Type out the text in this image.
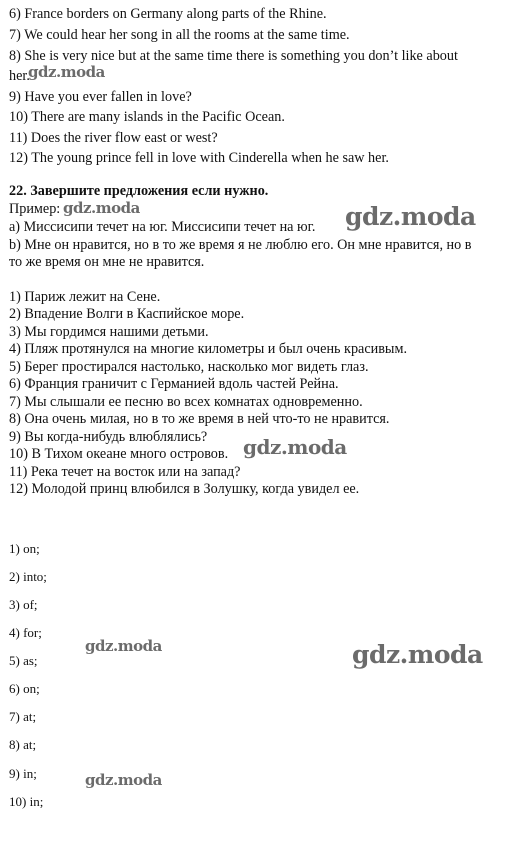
6) France borders on Germany along parts of the Rhine.
7) We could hear her song in all the rooms at the same time.
8) She is very nice but at the same time there is something you don’t like about
her.
9) Have you ever fallen in love?
10) There are many islands in the Pacific Ocean.
11) Does the river flow east or west?
12) The young prince fell in love with Cinderella when he saw her.
22. Завершите предложения если нужно.
Пример:
a) Миссисипи течет на юг. Миссисипи течет на юг.
b) Мне он нравится, но в то же время я не люблю его. Он мне нравится, но в
то же время он мне не нравится.
1) Париж лежит на Сене.
2) Впадение Волги в Каспийское море.
3) Мы гордимся нашими детьми.
4) Пляж протянулся на многие километры и был очень красивым.
5) Берег простирался настолько, насколько мог видеть глаз.
6) Франция граничит с Германией вдоль частей Рейна.
7) Мы слышали ее песню во всех комнатах одновременно.
8) Она очень милая, но в то же время в ней что-то не нравится.
9) Вы когда-нибудь влюблялись?
10) В Тихом океане много островов.
11) Река течет на восток или на запад?
12) Молодой принц влюбился в Золушку, когда увидел ее.
1) on;
2) into;
3) of;
4) for;
5) as;
6) on;
7) at;
8) at;
9) in;
10) in;
gdz.moda
gdz.moda	gdz.moda
gdz.moda
gdz.moda	gdz.moda
gdz.moda
